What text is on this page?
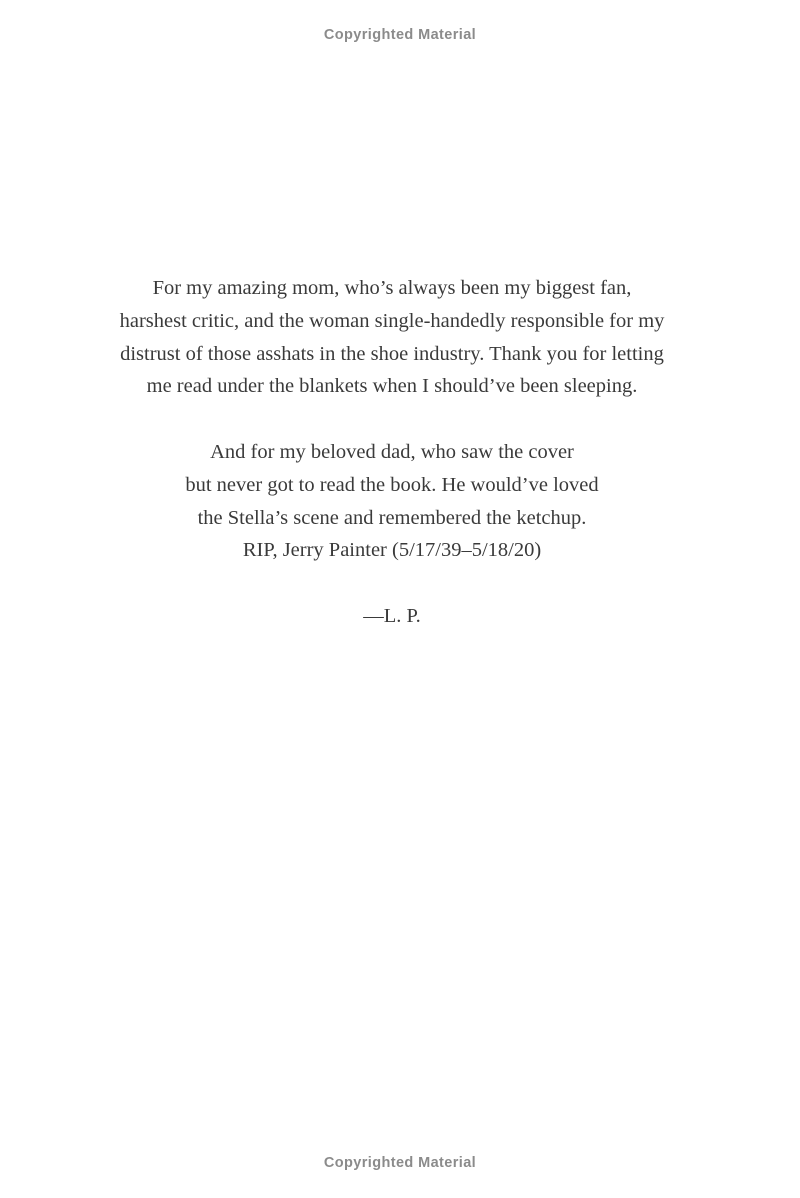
Copyrighted Material

For my amazing mom, who’s always been my biggest fan,
harshest critic, and the woman single-handedly responsible for my
distrust of those asshats in the shoe industry. Thank you for letting
me read under the blankets when I should’ve been sleeping.

And for my beloved dad, who saw the cover
but never got to read the book. He would’ve loved
the Stella’s scene and remembered the ketchup.
RIP, Jerry Painter (5/17/39–5/18/20)

—L. P.

Copyrighted Material
